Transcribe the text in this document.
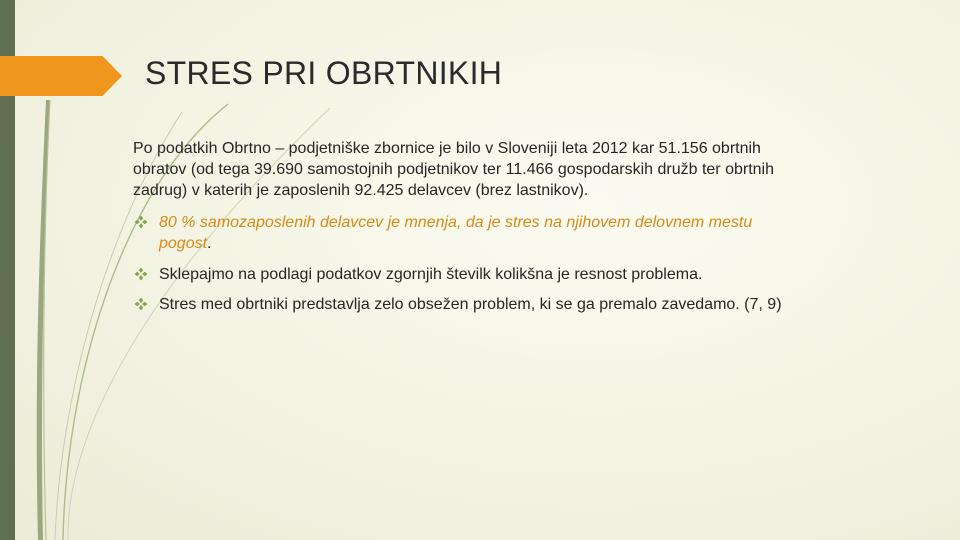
STRES PRI OBRTNIKIH

Po podatkih Obrtno – podjetniške zbornice je bilo v Sloveniji leta 2012 kar 51.156 obrtnih obratov (od tega 39.690 samostojnih podjetnikov ter 11.466 gospodarskih družb ter obrtnih zadrug) v katerih je zaposlenih 92.425 delavcev (brez lastnikov).

80 % samozaposlenih delavcev je mnenja, da je stres na njihovem delovnem mestu pogost.
Sklepajmo na podlagi podatkov zgornjih številk kolikšna je resnost problema.
Stres med obrtniki predstavlja zelo obsežen problem, ki se ga premalo zavedamo. (7, 9)
